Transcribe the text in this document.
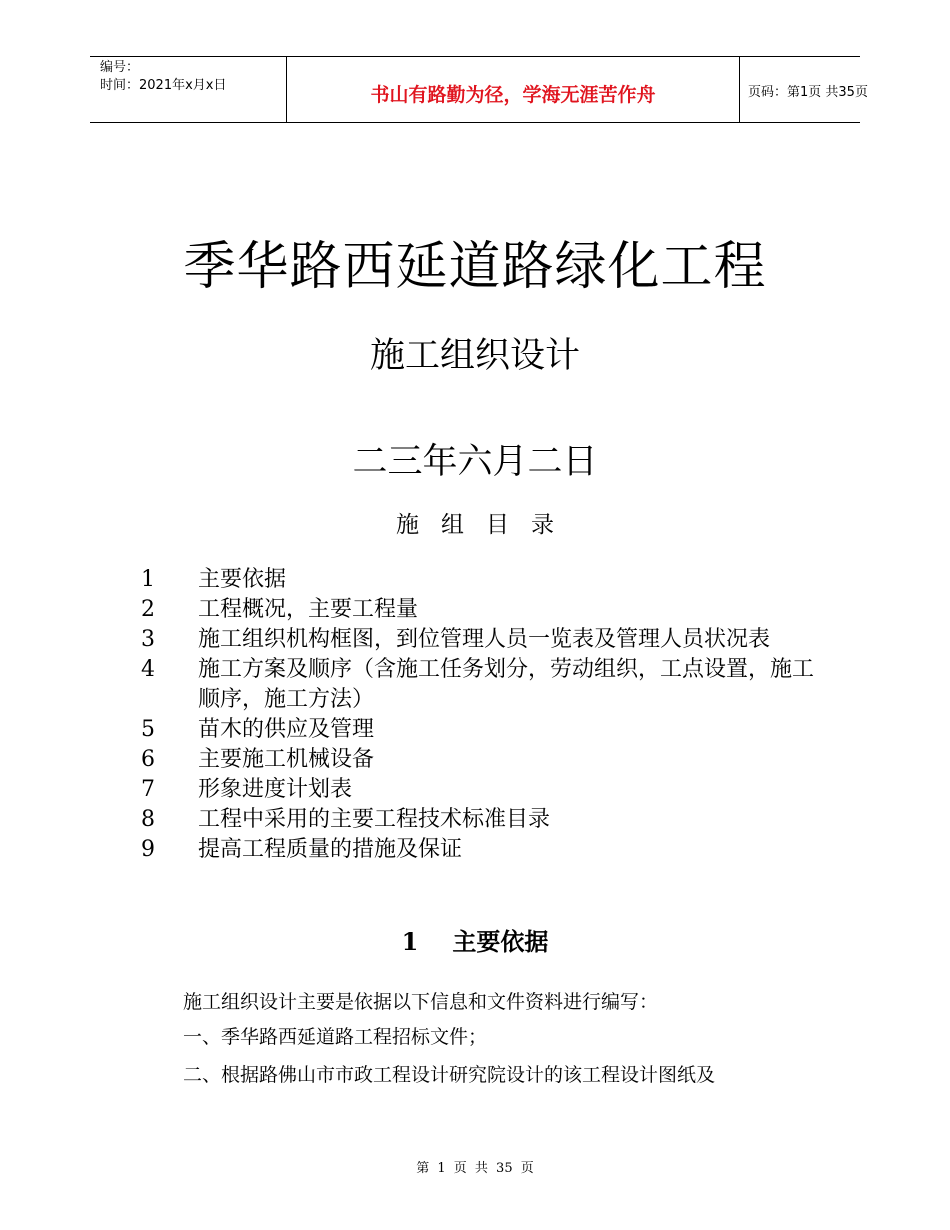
编号：
时间：2021年x月x日	书山有路勤为径，学海无涯苦作舟	页码：第1页 共35页
季华路西延道路绿化工程
施工组织设计
二三年六月二日
施组目录
1	主要依据
2	工程概况，主要工程量
3	施工组织机构框图，到位管理人员一览表及管理人员状况表
4	施工方案及顺序（含施工任务划分，劳动组织，工点设置，施工顺序，施工方法）
5	苗木的供应及管理
6	主要施工机械设备
7	形象进度计划表
8	工程中采用的主要工程技术标准目录
9	提高工程质量的措施及保证
1 主要依据
施工组织设计主要是依据以下信息和文件资料进行编写：
一、季华路西延道路工程招标文件；
二、根据路佛山市市政工程设计研究院设计的该工程设计图纸及
第 1 页 共 35 页
